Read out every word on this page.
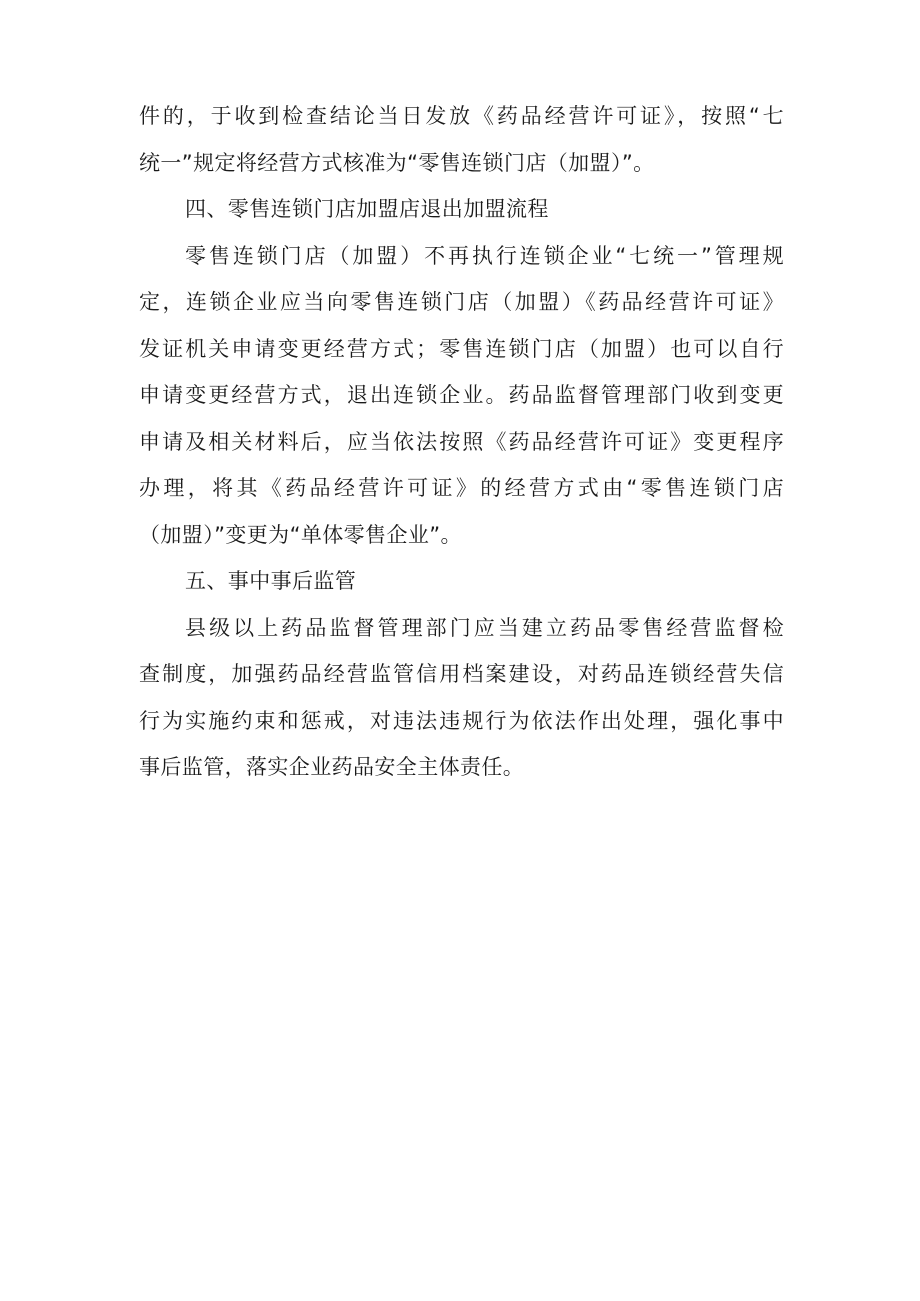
件的，于收到检查结论当日发放《药品经营许可证》，按照“七
统一”规定将经营方式核准为“零售连锁门店（加盟）”。
四、零售连锁门店加盟店退出加盟流程
零售连锁门店（加盟）不再执行连锁企业“七统一”管理规
定，连锁企业应当向零售连锁门店（加盟）《药品经营许可证》
发证机关申请变更经营方式；零售连锁门店（加盟）也可以自行
申请变更经营方式，退出连锁企业。药品监督管理部门收到变更
申请及相关材料后，应当依法按照《药品经营许可证》变更程序
办理，将其《药品经营许可证》的经营方式由“零售连锁门店
（加盟）”变更为“单体零售企业”。
五、事中事后监管
县级以上药品监督管理部门应当建立药品零售经营监督检
查制度，加强药品经营监管信用档案建设，对药品连锁经营失信
行为实施约束和惩戒，对违法违规行为依法作出处理，强化事中
事后监管，落实企业药品安全主体责任。
